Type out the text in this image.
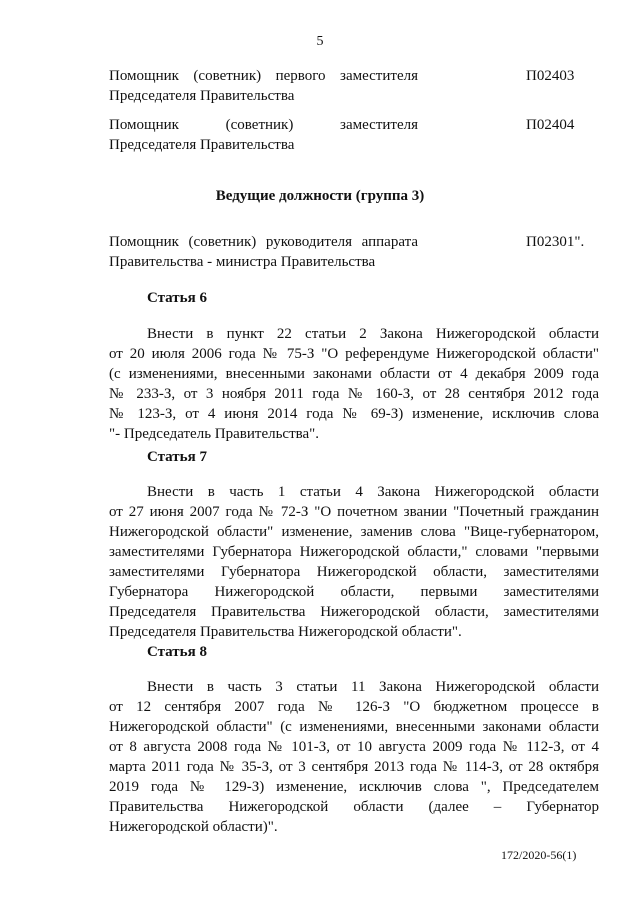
5
Помощник (советник) первого заместителя
Председателя Правительства
П02403
Помощник (советник) заместителя
Председателя Правительства
П02404
Ведущие должности (группа 3)
Помощник (советник) руководителя аппарата
Правительства - министра Правительства
П02301".
Статья 6
Внести в пункт 22 статьи 2 Закона Нижегородской области
от 20 июля 2006 года № 75-З "О референдуме Нижегородской области"
(с изменениями, внесенными законами области от 4 декабря 2009 года
№ 233-З, от 3 ноября 2011 года № 160-З, от 28 сентября 2012 года
№ 123-З, от 4 июня 2014 года № 69-З) изменение, исключив слова
"- Председатель Правительства".
Статья 7
Внести в часть 1 статьи 4 Закона Нижегородской области
от 27 июня 2007 года № 72-З "О почетном звании "Почетный гражданин
Нижегородской области" изменение, заменив слова "Вице-губернатором,
заместителями Губернатора Нижегородской области," словами "первыми
заместителями Губернатора Нижегородской области, заместителями
Губернатора Нижегородской области, первыми заместителями
Председателя Правительства Нижегородской области, заместителями
Председателя Правительства Нижегородской области".
Статья 8
Внести в часть 3 статьи 11 Закона Нижегородской области
от 12 сентября 2007 года № 126-З "О бюджетном процессе в
Нижегородской области" (с изменениями, внесенными законами области
от 8 августа 2008 года № 101-З, от 10 августа 2009 года № 112-З, от 4
марта 2011 года № 35-З, от 3 сентября 2013 года № 114-З, от 28 октября
2019 года № 129-З) изменение, исключив слова ", Председателем
Правительства Нижегородской области (далее – Губернатор
Нижегородской области)".
172/2020-56(1)
